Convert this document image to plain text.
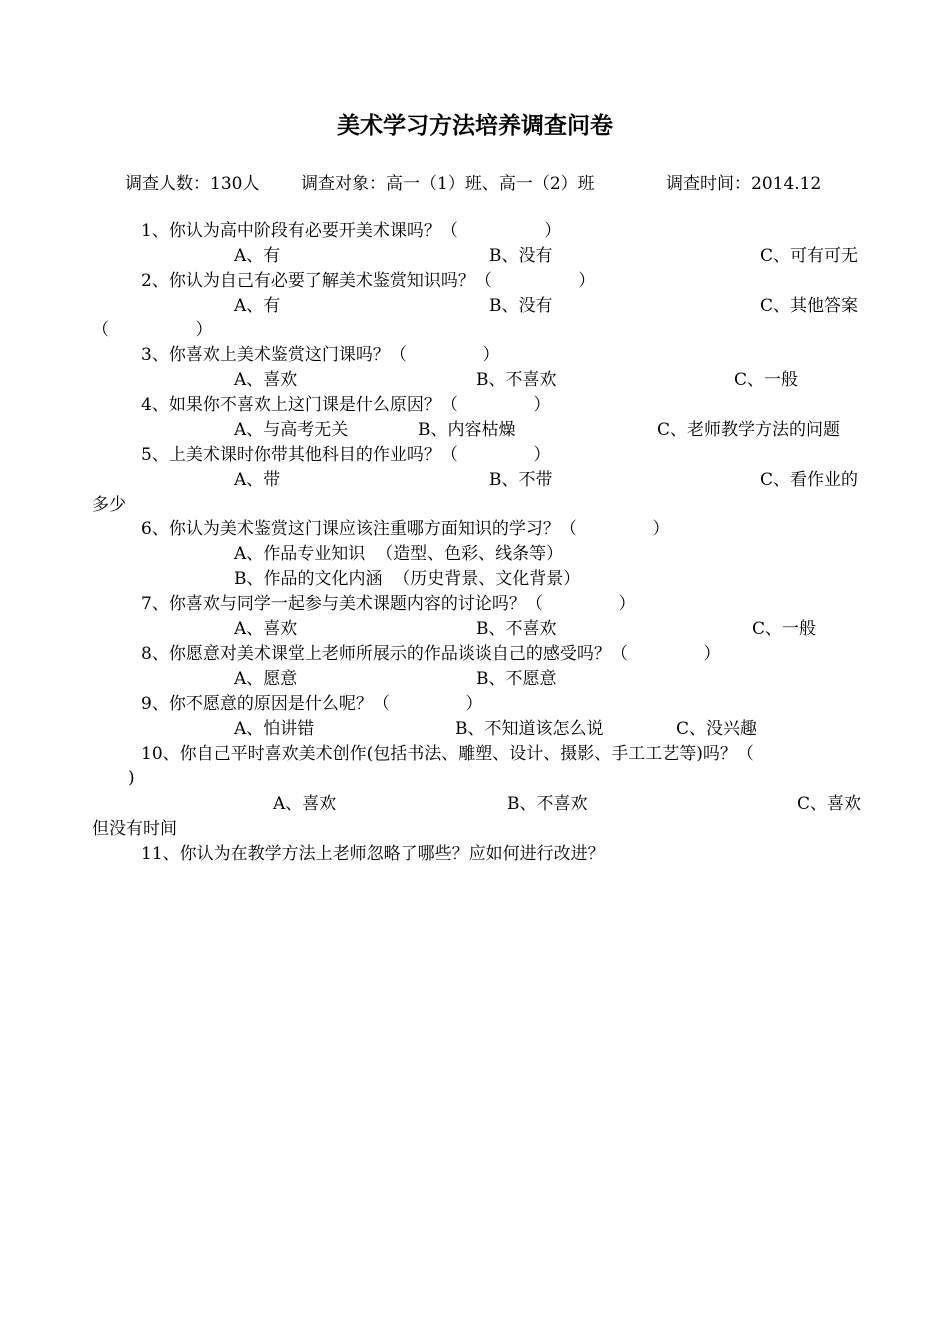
美术学习方法培养调查问卷
调查人数：130人 调查对象：高一（1）班、高一（2）班	调查时间：2014.12
1、你认为高中阶段有必要开美术课吗？（                ）
A、有	B、没有	C、可有可无
2、你认为自己有必要了解美术鉴赏知识吗？（                ）
A、有	B、没有	C、其他答案
（                ）
3、你喜欢上美术鉴赏这门课吗？（              ）
A、喜欢	B、不喜欢	C、一般
4、如果你不喜欢上这门课是什么原因？（              ）
A、与高考无关	B、内容枯燥	C、老师教学方法的问题
5、上美术课时你带其他科目的作业吗？（              ）
A、带	B、不带	C、看作业的
多少
6、你认为美术鉴赏这门课应该注重哪方面知识的学习？（              ）
A、作品专业知识  （造型、色彩、线条等）
B、作品的文化内涵  （历史背景、文化背景）
7、你喜欢与同学一起参与美术课题内容的讨论吗？（              ）
A、喜欢	B、不喜欢	C、一般
8、你愿意对美术课堂上老师所展示的作品谈谈自己的感受吗？（              ）
A、愿意	B、不愿意
9、你不愿意的原因是什么呢？（              ）
A、怕讲错	B、不知道该怎么说	C、没兴趣
10、你自己平时喜欢美术创作(包括书法、雕塑、设计、摄影、手工工艺等)吗？（
)
A、喜欢	B、不喜欢	C、喜欢
但没有时间
11、你认为在教学方法上老师忽略了哪些？应如何进行改进？
